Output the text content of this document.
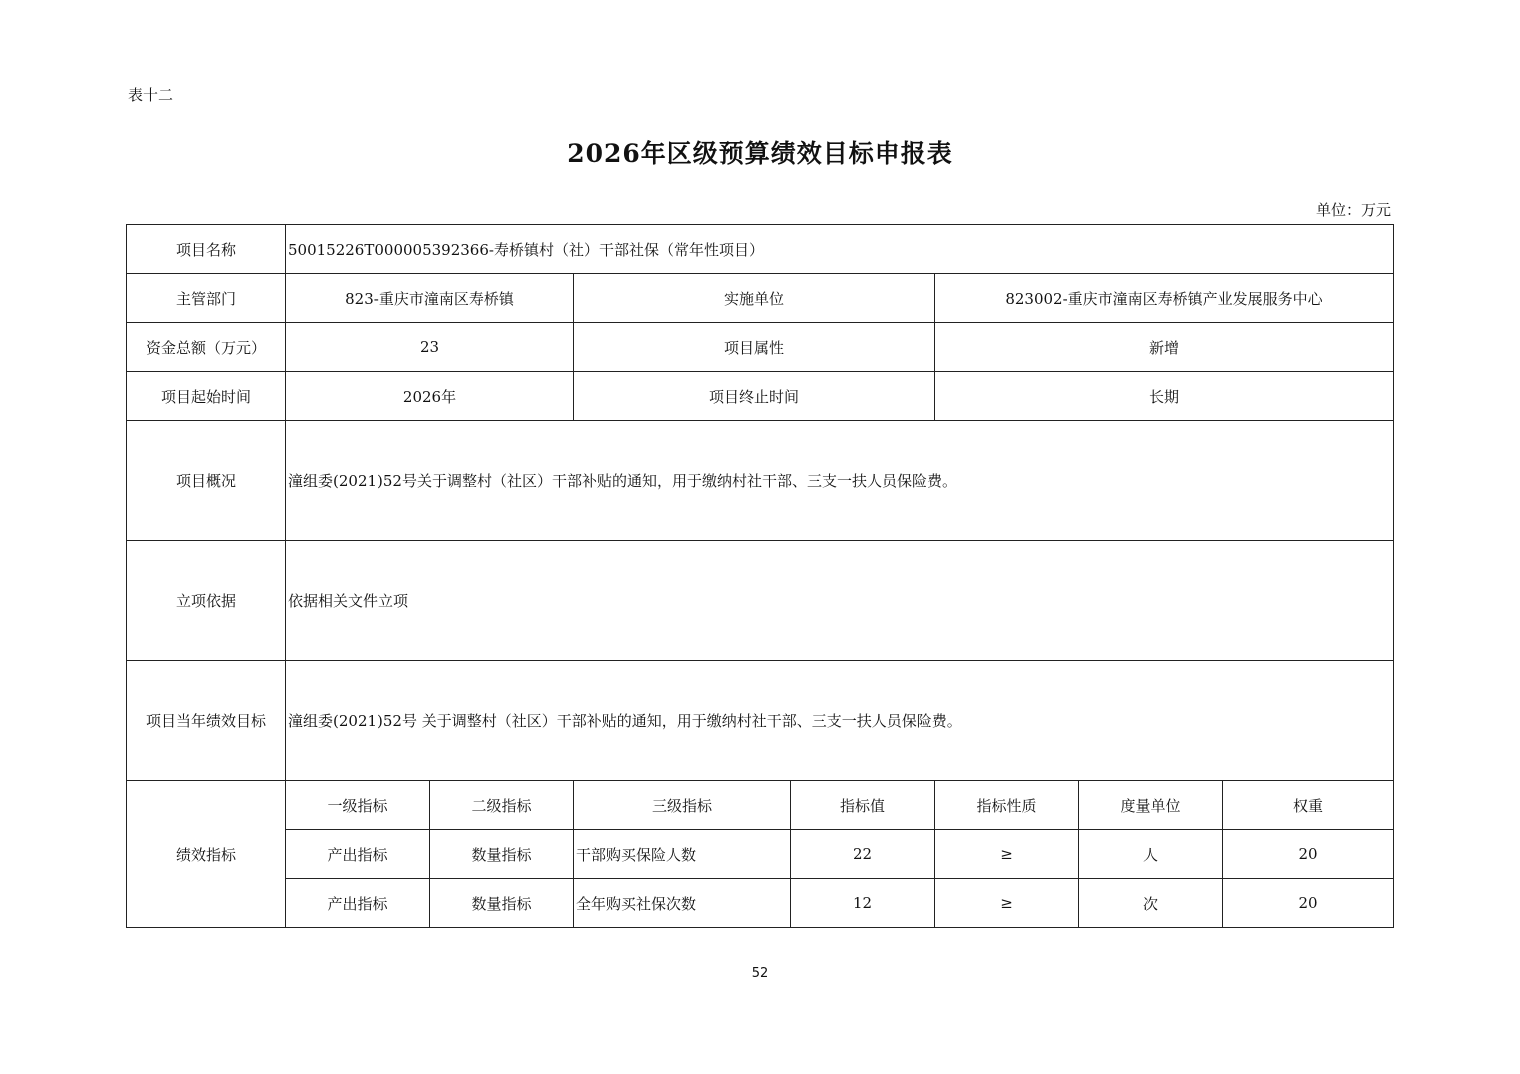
表十二
2026年区级预算绩效目标申报表
单位：万元
项目名称	50015226T000005392366-寿桥镇村（社）干部社保（常年性项目）						
主管部门	823-重庆市潼南区寿桥镇		实施单位		823002-重庆市潼南区寿桥镇产业发展服务中心		
资金总额（万元）	23		项目属性		新增		
项目起始时间	2026年		项目终止时间		长期		
项目概况	潼组委(2021)52号关于调整村（社区）干部补贴的通知，用于缴纳村社干部、三支一扶人员保险费。						
立项依据	依据相关文件立项						
项目当年绩效目标	潼组委(2021)52号 关于调整村（社区）干部补贴的通知，用于缴纳村社干部、三支一扶人员保险费。						
绩效指标	一级指标	二级指标	三级指标	指标值	指标性质	度量单位	权重
	产出指标	数量指标	干部购买保险人数	22	≥	人	20
	产出指标	数量指标	全年购买社保次数	12	≥	次	20
52
